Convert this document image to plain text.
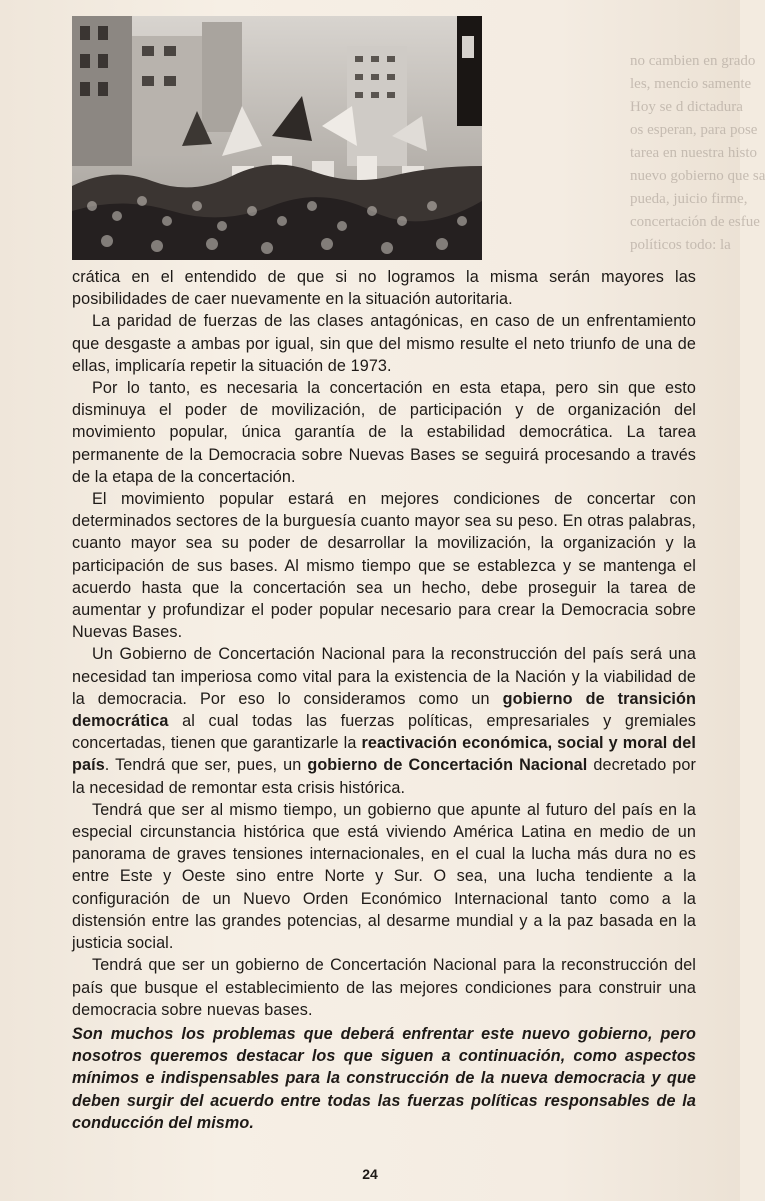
no cambien en grado
les, mencio samente
Hoy se d dictadura
os esperan, para pose
tarea en nuestra histo
nuevo gobierno que sa
pueda, juicio firme,
concertación de esfue
políticos todo: la

crática en el entendido de que si no logramos la misma serán mayores las posibilidades de caer nuevamente en la situación autoritaria.

La paridad de fuerzas de las clases antagónicas, en caso de un enfrentamiento que desgaste a ambas por igual, sin que del mismo resulte el neto triunfo de una de ellas, implicaría repetir la situación de 1973.

Por lo tanto, es necesaria la concertación en esta etapa, pero sin que esto disminuya el poder de movilización, de participación y de organización del movimiento popular, única garantía de la estabilidad democrática. La tarea permanente de la Democracia sobre Nuevas Bases se seguirá procesando a través de la etapa de la concertación.

El movimiento popular estará en mejores condiciones de concertar con determinados sectores de la burguesía cuanto mayor sea su peso. En otras palabras, cuanto mayor sea su poder de desarrollar la movilización, la organización y la participación de sus bases. Al mismo tiempo que se establezca y se mantenga el acuerdo hasta que la concertación sea un hecho, debe proseguir la tarea de aumentar y profundizar el poder popular necesario para crear la Democracia sobre Nuevas Bases.

Un Gobierno de Concertación Nacional para la reconstrucción del país será una necesidad tan imperiosa como vital para la existencia de la Nación y la viabilidad de la democracia. Por eso lo consideramos como un gobierno de transición democrática al cual todas las fuerzas políticas, empresariales y gremiales concertadas, tienen que garantizarle la reactivación económica, social y moral del país. Tendrá que ser, pues, un gobierno de Concertación Nacional decretado por la necesidad de remontar esta crisis histórica.

Tendrá que ser al mismo tiempo, un gobierno que apunte al futuro del país en la especial circunstancia histórica que está viviendo América Latina en medio de un panorama de graves tensiones internacionales, en el cual la lucha más dura no es entre Este y Oeste sino entre Norte y Sur. O sea, una lucha tendiente a la configuración de un Nuevo Orden Económico Internacional tanto como a la distensión entre las grandes potencias, al desarme mundial y a la paz basada en la justicia social.

Tendrá que ser un gobierno de Concertación Nacional para la reconstrucción del país que busque el establecimiento de las mejores condiciones para construir una democracia sobre nuevas bases.

Son muchos los problemas que deberá enfrentar este nuevo gobierno, pero nosotros queremos destacar los que siguen a continuación, como aspectos mínimos e indispensables para la construcción de la nueva democracia y que deben surgir del acuerdo entre todas las fuerzas políticas responsables de la conducción del mismo.

24
